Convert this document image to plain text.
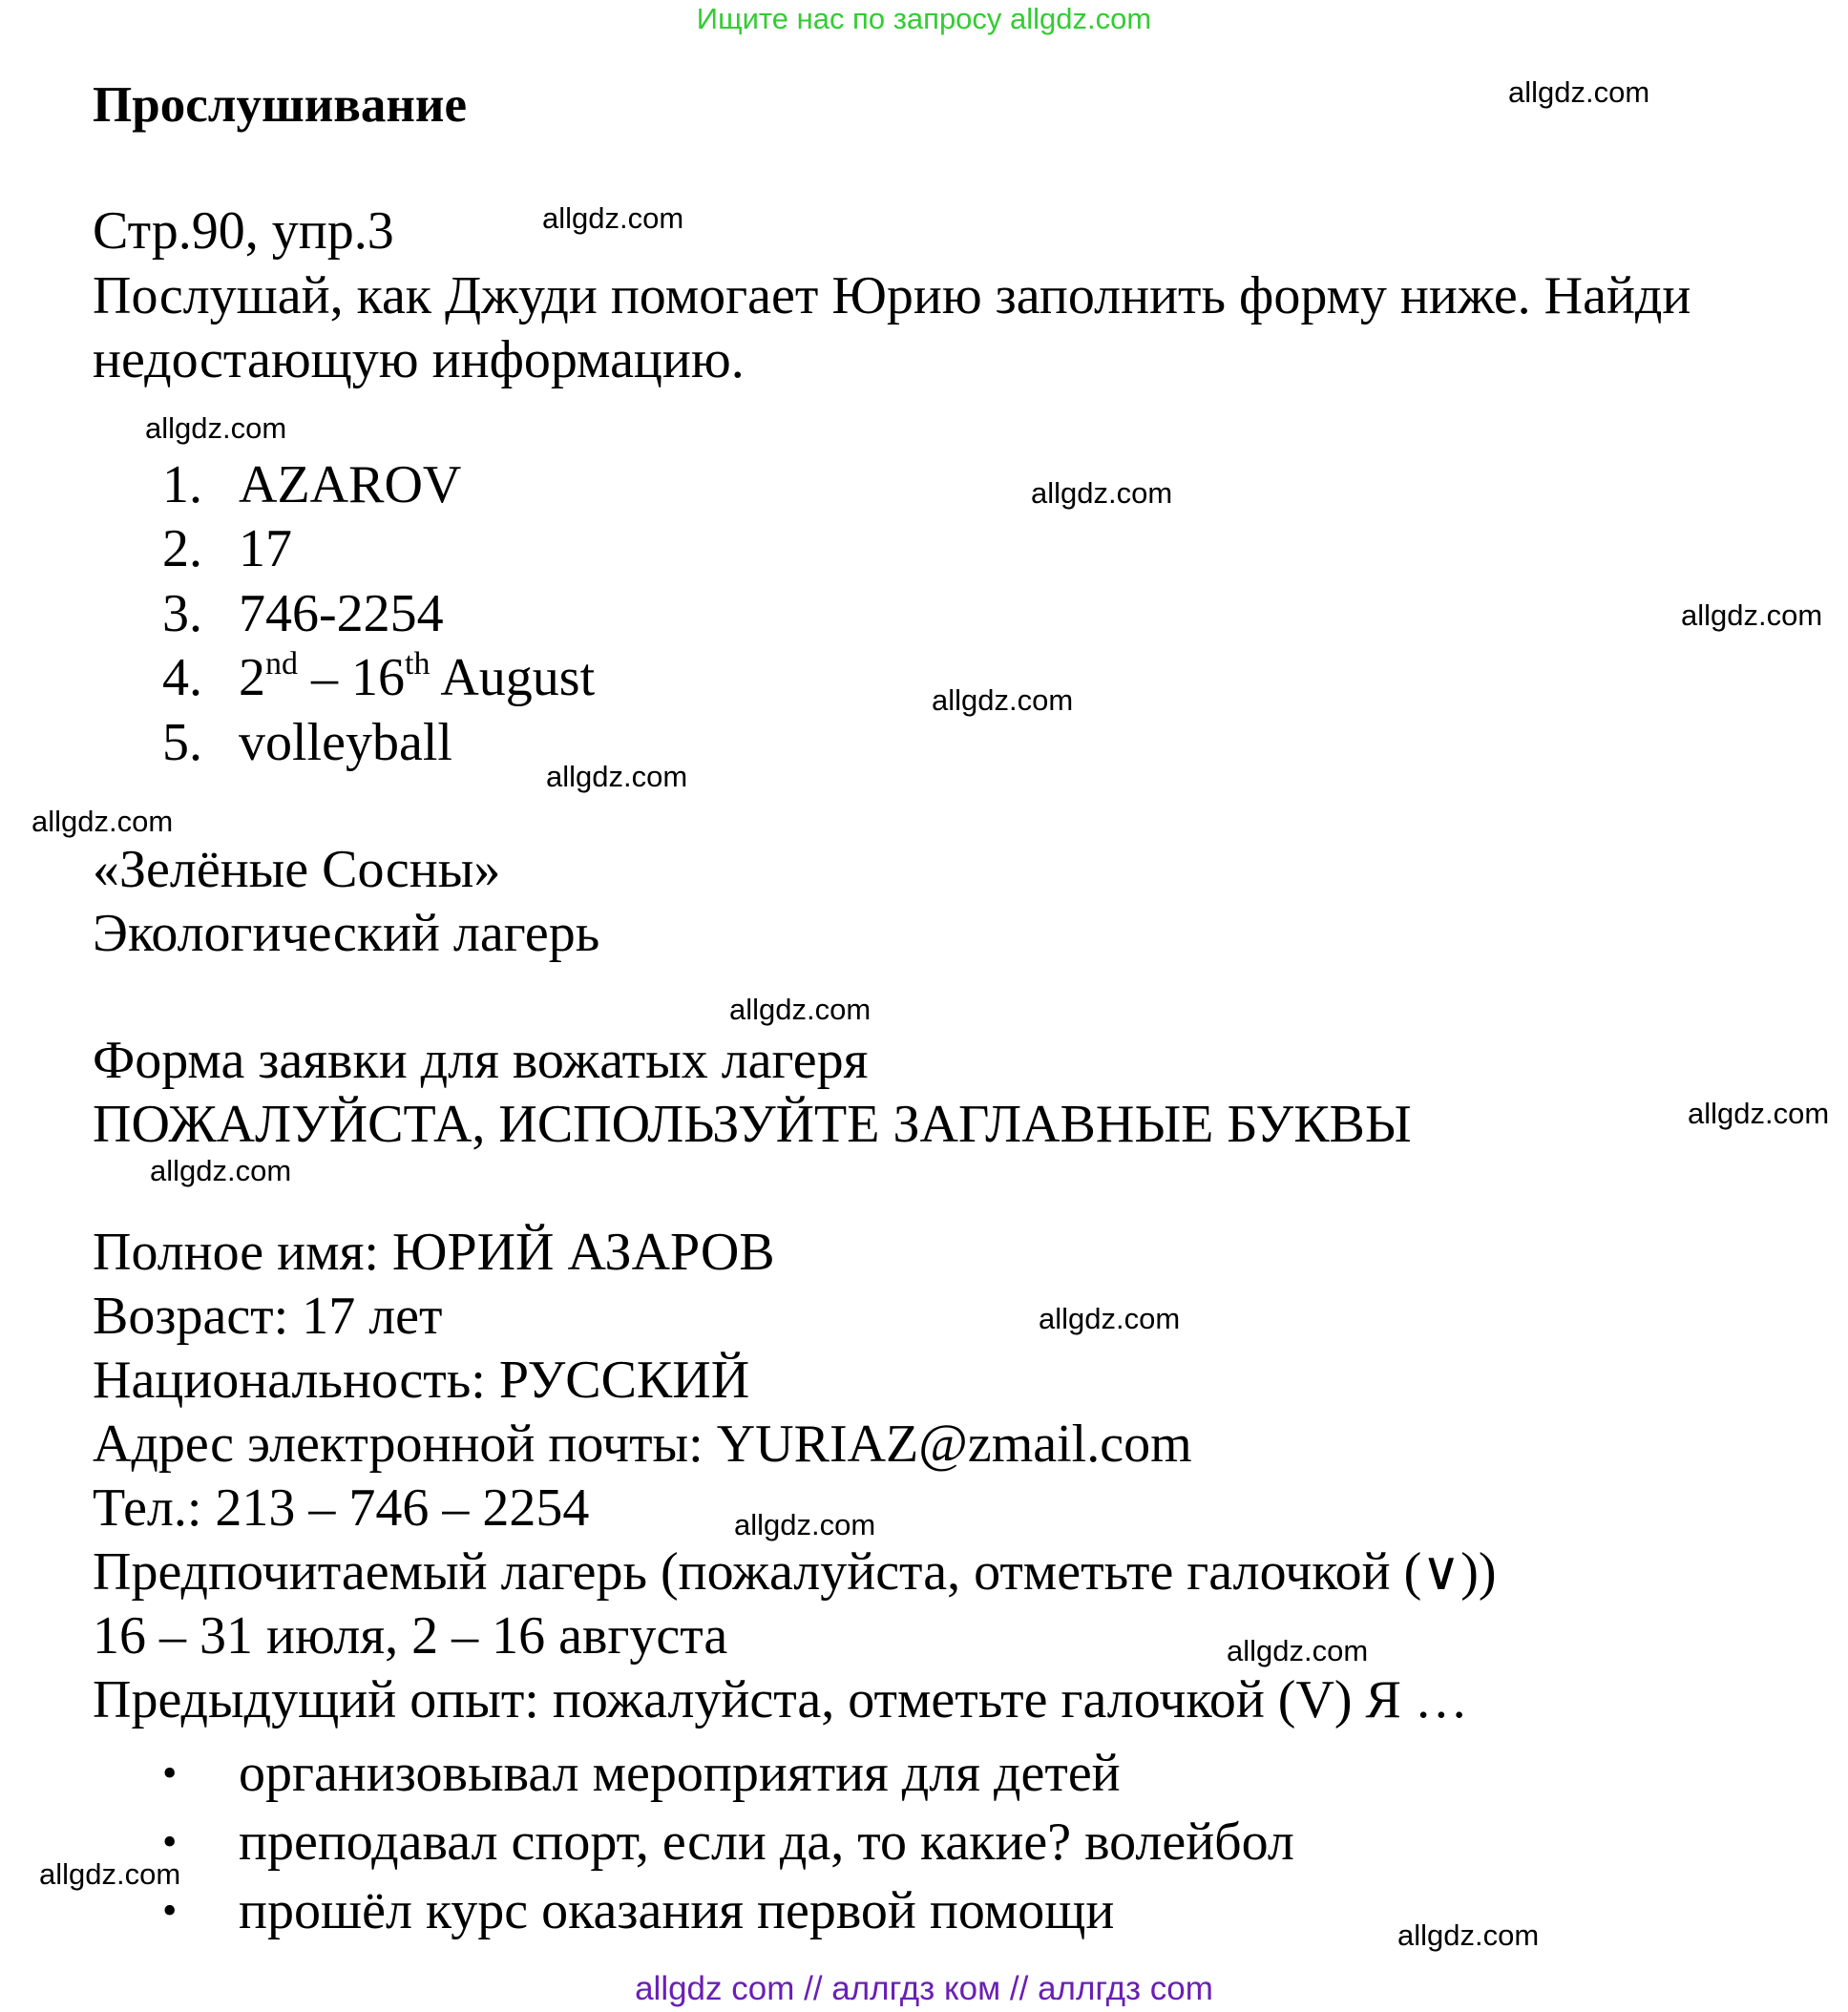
Ищите нас по запросу allgdz.com
Прослушивание
Стр.90, упр.3
Послушай, как Джуди помогает Юрию заполнить форму ниже. Найди
недостающую информацию.
1. AZAROV
2. 17
3. 746-2254
4. 2nd – 16th August
5. volleyball
«Зелёные Сосны»
Экологический лагерь
Форма заявки для вожатых лагеря
ПОЖАЛУЙСТА, ИСПОЛЬЗУЙТЕ ЗАГЛАВНЫЕ БУКВЫ
Полное имя: ЮРИЙ АЗАРОВ
Возраст: 17 лет
Национальность: РУССКИЙ
Адрес электронной почты: YURIAZ@zmail.com
Тел.: 213 – 746 – 2254
Предпочитаемый лагерь (пожалуйста, отметьте галочкой (∨))
16 – 31 июля, 2 – 16 августа
Предыдущий опыт: пожалуйста, отметьте галочкой (V) Я …
• организовывал мероприятия для детей
• преподавал спорт, если да, то какие? волейбол
• прошёл курс оказания первой помощи
allgdz.com
allgdz.com
allgdz.com
allgdz.com
allgdz.com
allgdz.com
allgdz.com
allgdz.com
allgdz.com
allgdz.com
allgdz.com
allgdz.com
allgdz.com
allgdz.com
allgdz.com
allgdz.com
allgdz com // аллгдз ком // аллгдз com
